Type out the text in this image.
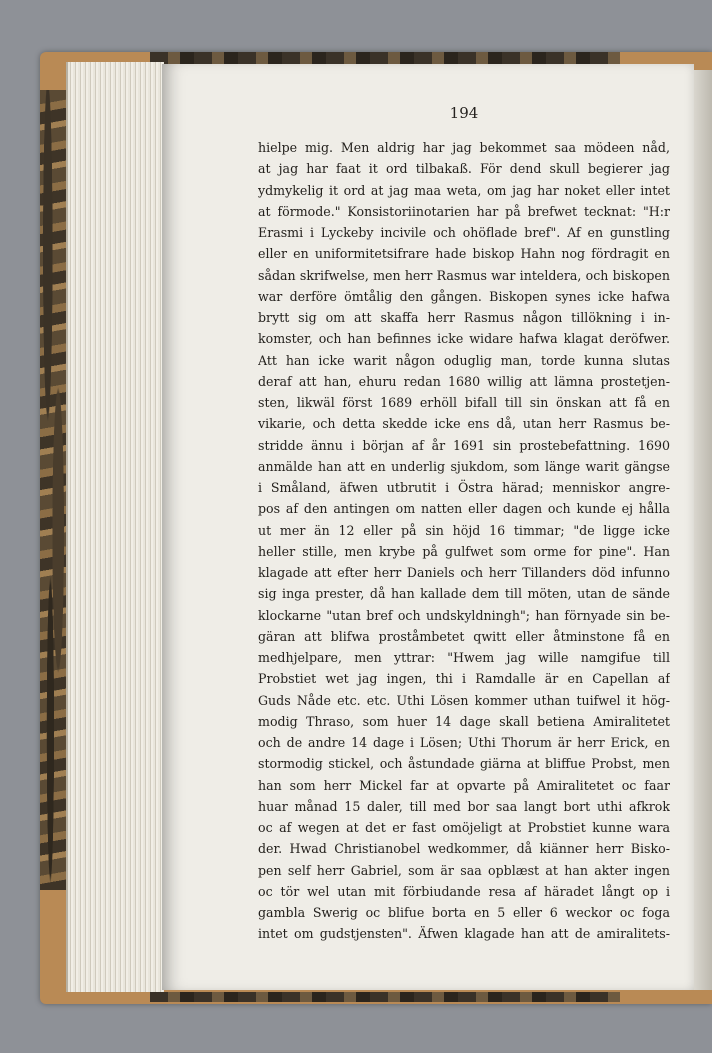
194
hielpe mig. Men aldrig har jag bekommet saa mödeen nåd,
at jag har faat it ord tilbakaß. För dend skull begierer jag
ydmykelig it ord at jag maa weta, om jag har noket eller intet
at förmode." Konsistoriinotarien har på brefwet tecknat: "H:r
Erasmi i Lyckeby incivile och ohöflade bref". Af en gunstling
eller en uniformitetsifrare hade biskop Hahn nog fördragit en
sådan skrifwelse, men herr Rasmus war inteldera, och biskopen
war derföre ömtålig den gången. Biskopen synes icke hafwa
brytt sig om att skaffa herr Rasmus någon tillökning i in-
komster, och han befinnes icke widare hafwa klagat deröfwer.
Att han icke warit någon oduglig man, torde kunna slutas
deraf att han, ehuru redan 1680 willig att lämna prostetjen-
sten, likwäl först 1689 erhöll bifall till sin önskan att få en
vikarie, och detta skedde icke ens då, utan herr Rasmus be-
stridde ännu i början af år 1691 sin prostebefattning. 1690
anmälde han att en underlig sjukdom, som länge warit gängse
i Småland, äfwen utbrutit i Östra härad; menniskor angre-
pos af den antingen om natten eller dagen och kunde ej hålla
ut mer än 12 eller på sin höjd 16 timmar; "de ligge icke
heller stille, men krybe på gulfwet som orme for pine". Han
klagade att efter herr Daniels och herr Tillanders död infunno
sig inga prester, då han kallade dem till möten, utan de sände
klockarne "utan bref och undskyldningh"; han förnyade sin be-
gäran att blifwa proståmbetet qwitt eller åtminstone få en
medhjelpare, men yttrar: "Hwem jag wille namgifue till
Probstiet wet jag ingen, thi i Ramdalle är en Capellan af
Guds Nåde etc. etc. Uthi Lösen kommer uthan tuifwel it hög-
modig Thraso, som huer 14 dage skall betiena Amiralitetet
och de andre 14 dage i Lösen; Uthi Thorum är herr Erick, en
stormodig stickel, och åstundade giärna at bliffue Probst, men
han som herr Mickel far at opvarte på Amiralitetet oc faar
huar månad 15 daler, till med bor saa langt bort uthi afkrok
oc af wegen at det er fast omöjeligt at Probstiet kunne wara
der. Hwad Christianobel wedkommer, då kiänner herr Bisko-
pen self herr Gabriel, som är saa opblæst at han akter ingen
oc tör wel utan mit förbiudande resa af häradet långt op i
gambla Swerig oc blifue borta en 5 eller 6 weckor oc foga
intet om gudstjensten". Äfwen klagade han att de amiralitets-
